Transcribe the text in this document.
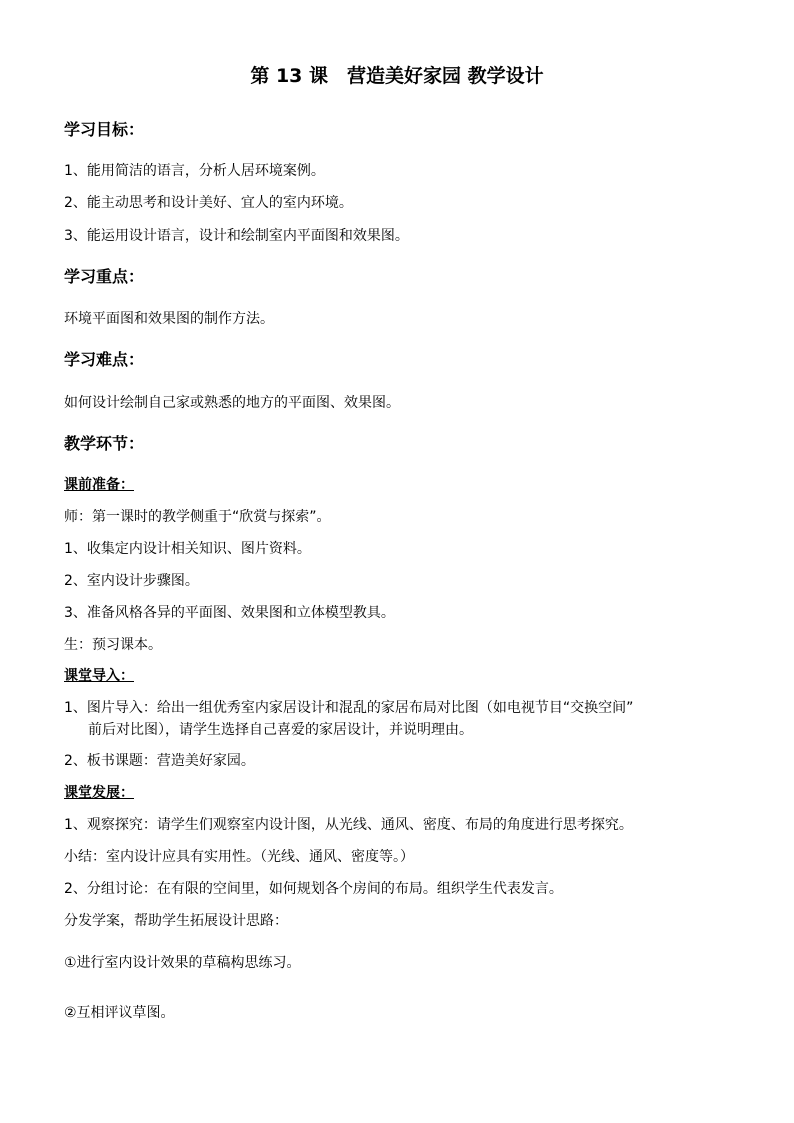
第 13 课　营造美好家园 教学设计
学习目标：
1、能用简洁的语言，分析人居环境案例。
2、能主动思考和设计美好、宜人的室内环境。
3、能运用设计语言，设计和绘制室内平面图和效果图。
学习重点：
环境平面图和效果图的制作方法。
学习难点：
如何设计绘制自己家或熟悉的地方的平面图、效果图。
教学环节：
课前准备：
师：第一课时的教学侧重于“欣赏与探索”。
1、收集定内设计相关知识、图片资料。
2、室内设计步骤图。
3、准备风格各异的平面图、效果图和立体模型教具。
生：预习课本。
课堂导入：
1、图片导入：给出一组优秀室内家居设计和混乱的家居布局对比图（如电视节目“交换空间”
前后对比图），请学生选择自己喜爱的家居设计，并说明理由。
2、板书课题：营造美好家园。
课堂发展：
1、观察探究：请学生们观察室内设计图，从光线、通风、密度、布局的角度进行思考探究。
小结：室内设计应具有实用性。（光线、通风、密度等。）
2、分组讨论：在有限的空间里，如何规划各个房间的布局。组织学生代表发言。
分发学案，帮助学生拓展设计思路：
①进行室内设计效果的草稿构思练习。
②互相评议草图。
